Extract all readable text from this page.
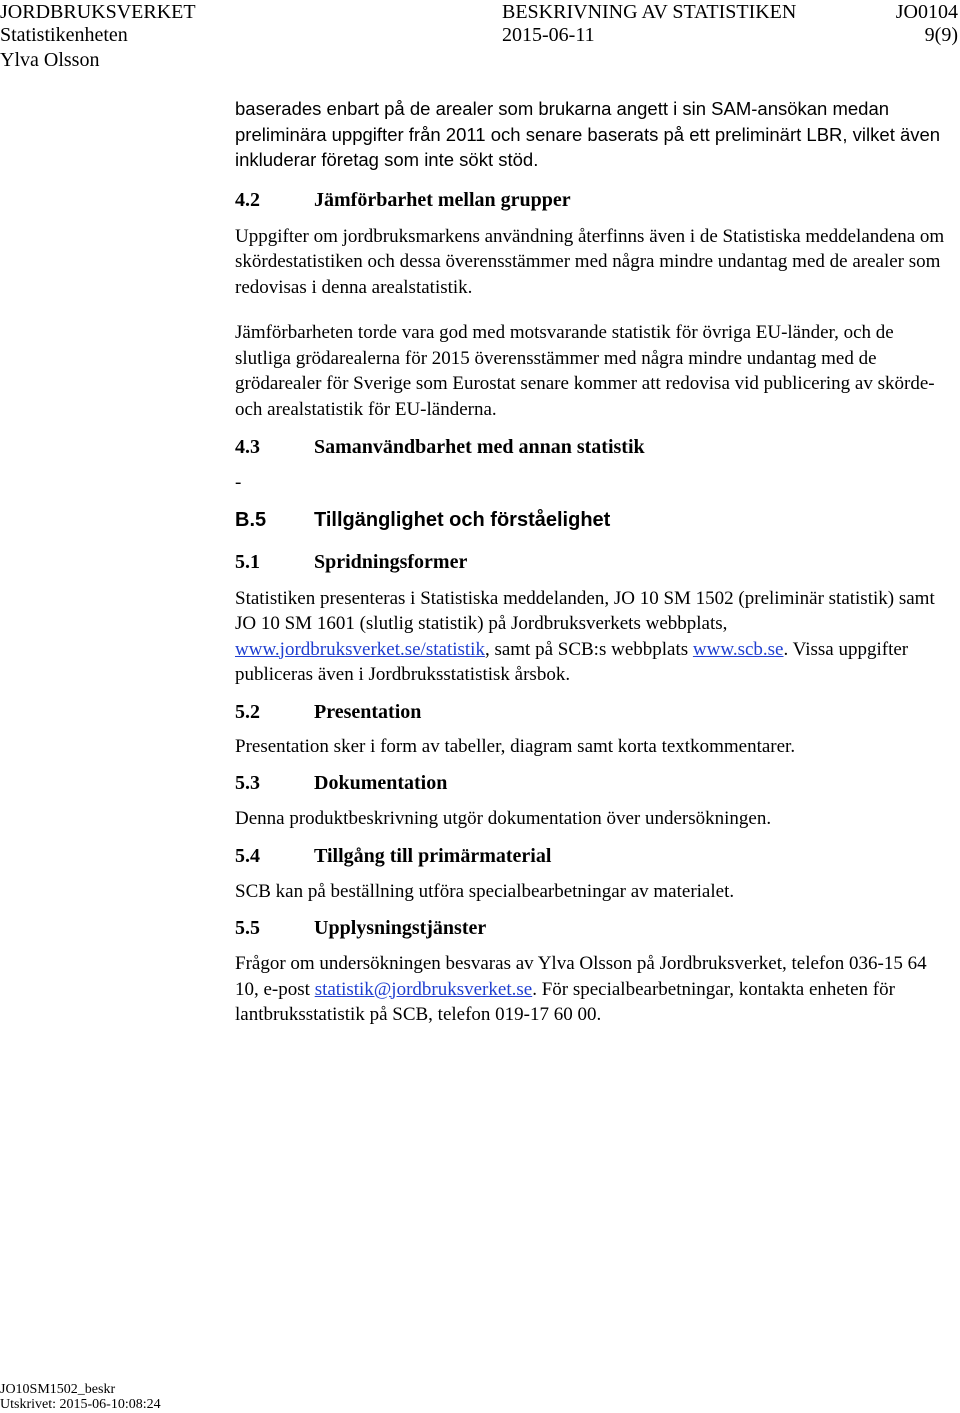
JORDBRUKSVERKET	BESKRIVNING AV STATISTIKEN	JO0104
Statistikenheten	2015-06-11	9(9)
Ylva Olsson

baserades enbart på de arealer som brukarna angett i sin SAM-ansökan medan preliminära uppgifter från 2011 och senare baserats på ett preliminärt LBR, vilket även inkluderar företag som inte sökt stöd.

4.2	Jämförbarhet mellan grupper

Uppgifter om jordbruksmarkens användning återfinns även i de Statistiska meddelandena om skördestatistiken och dessa överensstämmer med några mindre undantag med de arealer som redovisas i denna arealstatistik.

Jämförbarheten torde vara god med motsvarande statistik för övriga EU-länder, och de slutliga grödarealerna för 2015 överensstämmer med några mindre undantag med de grödarealer för Sverige som Eurostat senare kommer att redovisa vid publicering av skörde- och arealstatistik för EU-länderna.

4.3	Samanvändbarhet med annan statistik

-

B.5	Tillgänglighet och förståelighet
5.1	Spridningsformer

Statistiken presenteras i Statistiska meddelanden, JO 10 SM 1502 (preliminär statistik) samt JO 10 SM 1601 (slutlig statistik) på Jordbruksverkets webbplats, www.jordbruksverket.se/statistik, samt på SCB:s webbplats www.scb.se. Vissa uppgifter publiceras även i Jordbruksstatistisk årsbok.

5.2	Presentation

Presentation sker i form av tabeller, diagram samt korta textkommentarer.

5.3	Dokumentation

Denna produktbeskrivning utgör dokumentation över undersökningen.

5.4	Tillgång till primärmaterial

SCB kan på beställning utföra specialbearbetningar av materialet.

5.5	Upplysningstjänster

Frågor om undersökningen besvaras av Ylva Olsson på Jordbruksverket, telefon 036-15 64 10, e-post statistik@jordbruksverket.se. För specialbearbetningar, kontakta enheten för lantbruksstatistik på SCB, telefon 019-17 60 00.

JO10SM1502_beskr
Utskrivet: 2015-06-10:08:24
